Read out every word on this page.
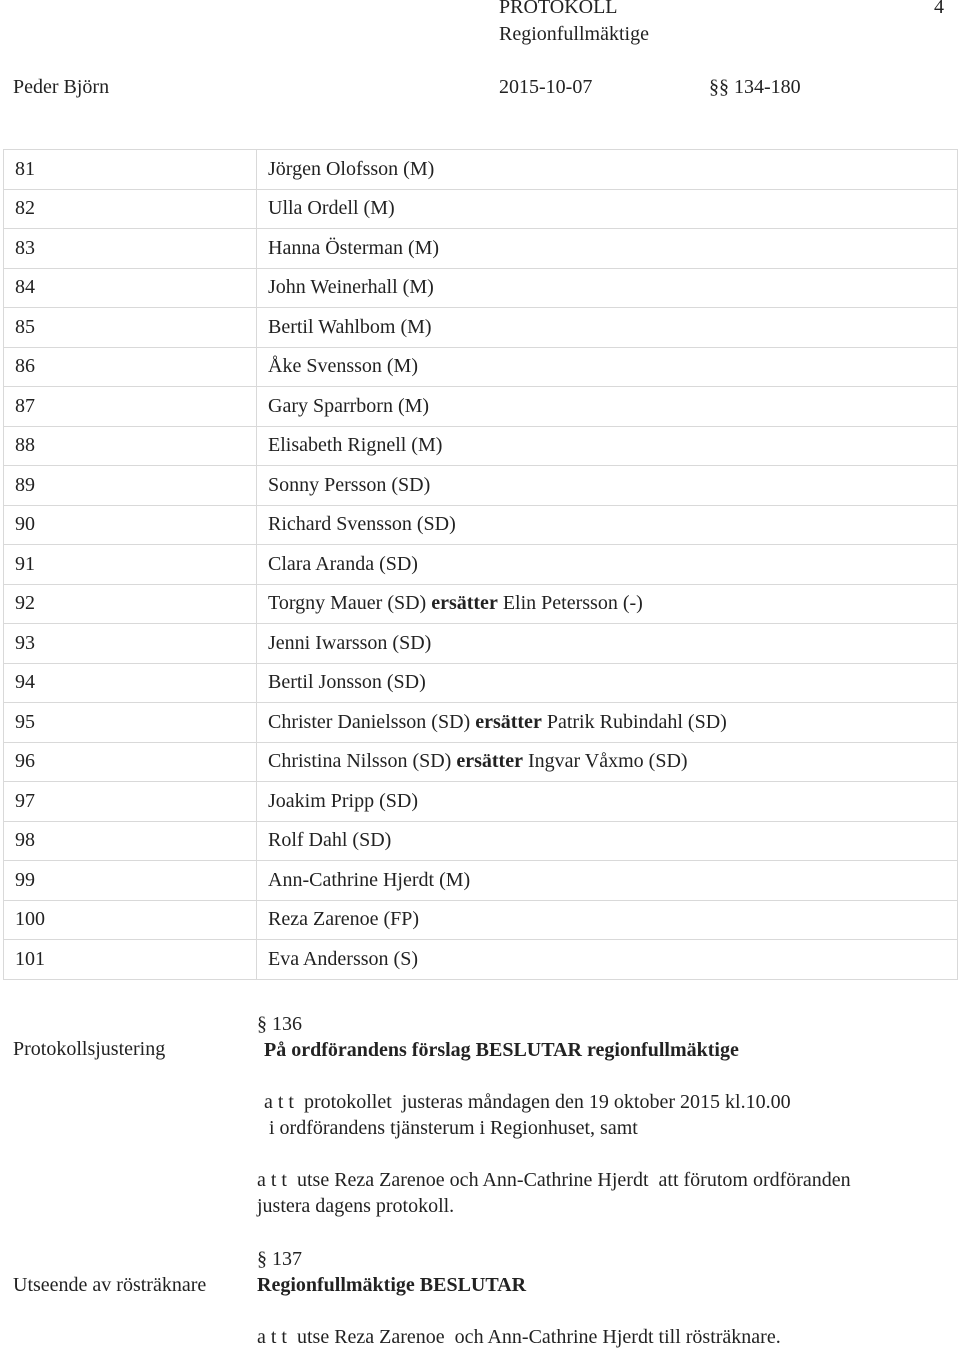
PROTOKOLL	4
Regionfullmäktige
Peder Björn	2015-10-07	§§ 134-180
81	Jörgen Olofsson (M)
82	Ulla Ordell (M)
83	Hanna Österman (M)
84	John Weinerhall (M)
85	Bertil Wahlbom (M)
86	Åke Svensson (M)
87	Gary Sparrborn (M)
88	Elisabeth Rignell (M)
89	Sonny Persson (SD)
90	Richard Svensson (SD)
91	Clara Aranda (SD)
92	Torgny Mauer (SD) ersätter Elin Petersson (-)
93	Jenni Iwarsson (SD)
94	Bertil Jonsson (SD)
95	Christer Danielsson (SD) ersätter Patrik Rubindahl (SD)
96	Christina Nilsson (SD) ersätter Ingvar Våxmo (SD)
97	Joakim Pripp (SD)
98	Rolf Dahl (SD)
99	Ann-Cathrine Hjerdt (M)
100	Reza Zarenoe (FP)
101	Eva Andersson (S)
Protokollsjustering
§ 136
På ordförandens förslag BESLUTAR regionfullmäktige
a t t  protokollet  justeras måndagen den 19 oktober 2015 kl.10.00
i ordförandens tjänsterum i Regionhuset, samt
a t t  utse Reza Zarenoe och Ann-Cathrine Hjerdt  att förutom ordföranden
justera dagens protokoll.
Utseende av rösträknare
§ 137
Regionfullmäktige BESLUTAR
a t t  utse Reza Zarenoe  och Ann-Cathrine Hjerdt till rösträknare.
